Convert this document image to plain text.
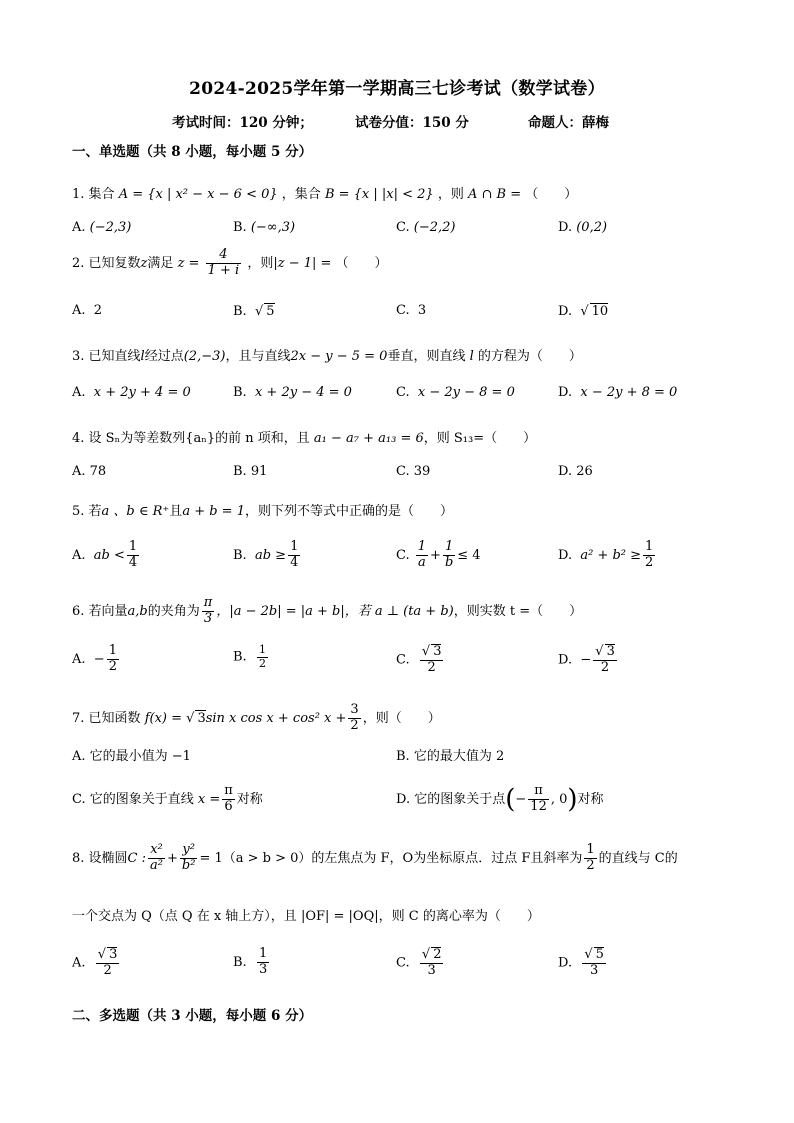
2024-2025学年第一学期高三七诊考试（数学试卷）
考试时间：120 分钟；	试卷分值：150 分	命题人：薛梅
一、单选题（共 8 小题，每小题 5 分）
1. 集合 A = {x | x² − x − 6 < 0} ，集合 B = {x | |x| < 2} ，则 A ∩ B = （　　）
A. (−2,3)	B. (−∞,3)	C. (−2,2)	D. (0,2)
2. 已知复数z满足 $z = \frac{4}{1 + i}$ ，则|z − 1| = （　　）
A. 2	B.  √ 5	C. 3	D.  √ 10
3. 已知直线l经过点(2,−3)，且与直线2x − y − 5 = 0垂直，则直线 l 的方程为（　　）
A. x + 2y + 4 = 0	B. x + 2y − 4 = 0	C. x − 2y − 8 = 0	D. x − 2y + 8 = 0
4. 设 Sₙ为等差数列{aₙ}的前 n 项和，且 a₁ − a₇ + a₁₃ = 6，则 S₁₃=（　　）
A. 78	B. 91	C. 39	D. 26
5. 若a 、b ∈ R⁺且a + b = 1，则下列不等式中正确的是（　　）
A. ab < $\frac{1}{4}$	B. ab ≥ $\frac{1}{4}$	C. $\frac{1}{a} + \frac{1}{b} \le 4$	D. $a^2 + b^2 \ge \frac{1}{2}$
6. 若向量a,b的夹角为 $\frac{\pi}{3}$ ，|a − 2b| = |a + b|，若 a ⊥ (ta + b)，则实数 t =（　　）
A. − $\frac{1}{2}$	B. $\frac{1}{2}$	C. $\frac{√ 3}{2}$	D. − $\frac{√ 3}{2}$
7. 已知函数 f(x) = √ 3sin x cos x + cos² $x + \frac{3}{2}$ ，则（　　）
A. 它的最小值为 −1	B. 它的最大值为 2
C. 它的图象关于直线 $x = \frac{\pi}{6}$ 对称	D. 它的图象关于点(− $\frac{\pi}{12}$ , 0)对称
8. 设椭圆C : $\frac{\text{x²}}{\text{a²}} + \frac{\text{y²}}{\text{b²}} = 1(a > b > 0)$的左焦点为 F，O为坐标原点．过点 F且斜率为 $\frac{1}{2}$ 的直线与 C的
一个交点为 Q（点 Q 在 x 轴上方），且 |OF| = |OQ|，则 C 的离心率为（　　）
A. $\frac{√ 3}{2}$	B. $\frac{1}{3}$	C. $\frac{√ 2}{3}$	D. $\frac{√ 5}{3}$
二、多选题（共 3 小题，每小题 6 分）
